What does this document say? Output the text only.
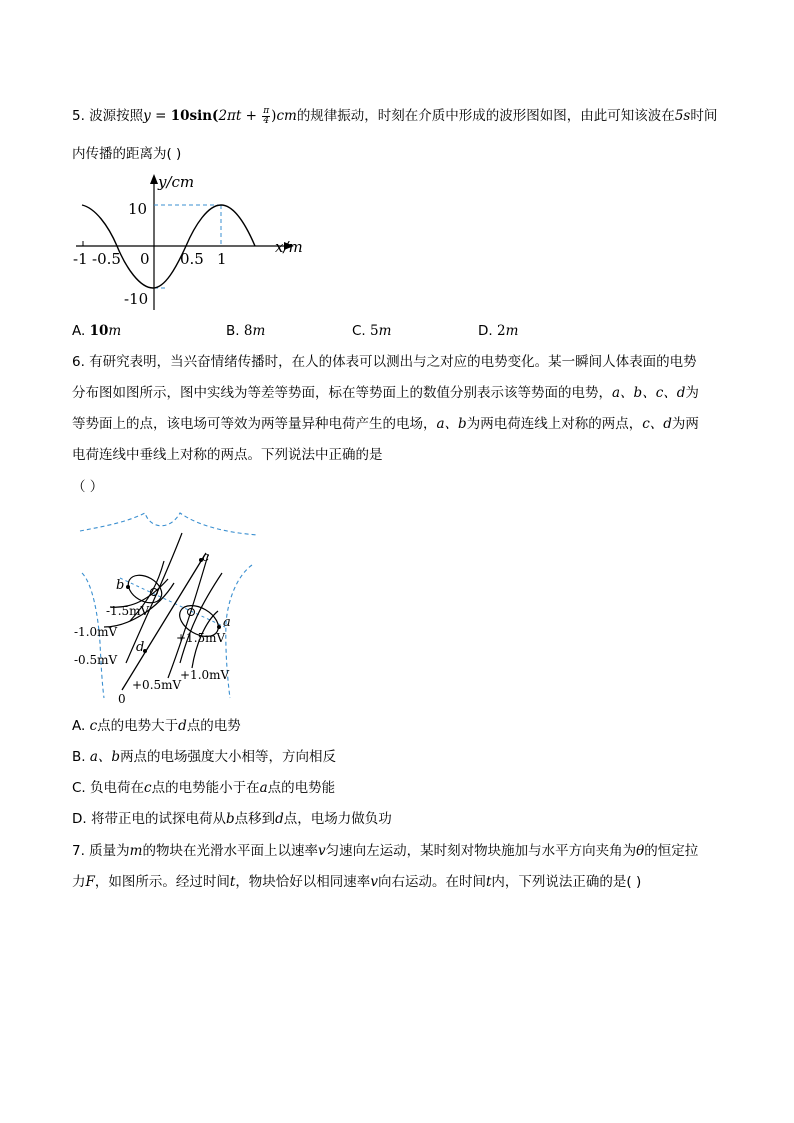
5. 波源按照$y = 10\sin(2\pi t + \frac{\pi}{4} )cm$的规律振动，时刻在介质中形成的波形图如图，由此可知该波在5s时间
内传播的距离为( )
y/cm
x/m
10
-10
-1 -0.5 0 0.5 1
A. 10m	B. 8m	C. 5m	D. 2m
6. 有研究表明，当兴奋情绪传播时，在人的体表可以测出与之对应的电势变化。某一瞬间人体表面的电势
分布图如图所示，图中实线为等差等势面，标在等势面上的数值分别表示该等势面的电势，a、b、c、d为
等势面上的点，该电场可等效为两等量异种电荷产生的电场，a、b为两电荷连线上对称的两点，c、d为两
电荷连线中垂线上对称的两点。下列说法中正确的是
（ ）
c
b
a
d
-1.5mV
-1.0mV
-0.5mV
+1.5mV
+1.0mV
+0.5mV
0
A. c点的电势大于d点的电势
B. a、b两点的电场强度大小相等，方向相反
C. 负电荷在c点的电势能小于在a点的电势能
D. 将带正电的试探电荷从b点移到d点，电场力做负功
7. 质量为m的物块在光滑水平面上以速率v匀速向左运动，某时刻对物块施加与水平方向夹角为θ的恒定拉
力F，如图所示。经过时间t，物块恰好以相同速率v向右运动。在时间t内，下列说法正确的是( )
